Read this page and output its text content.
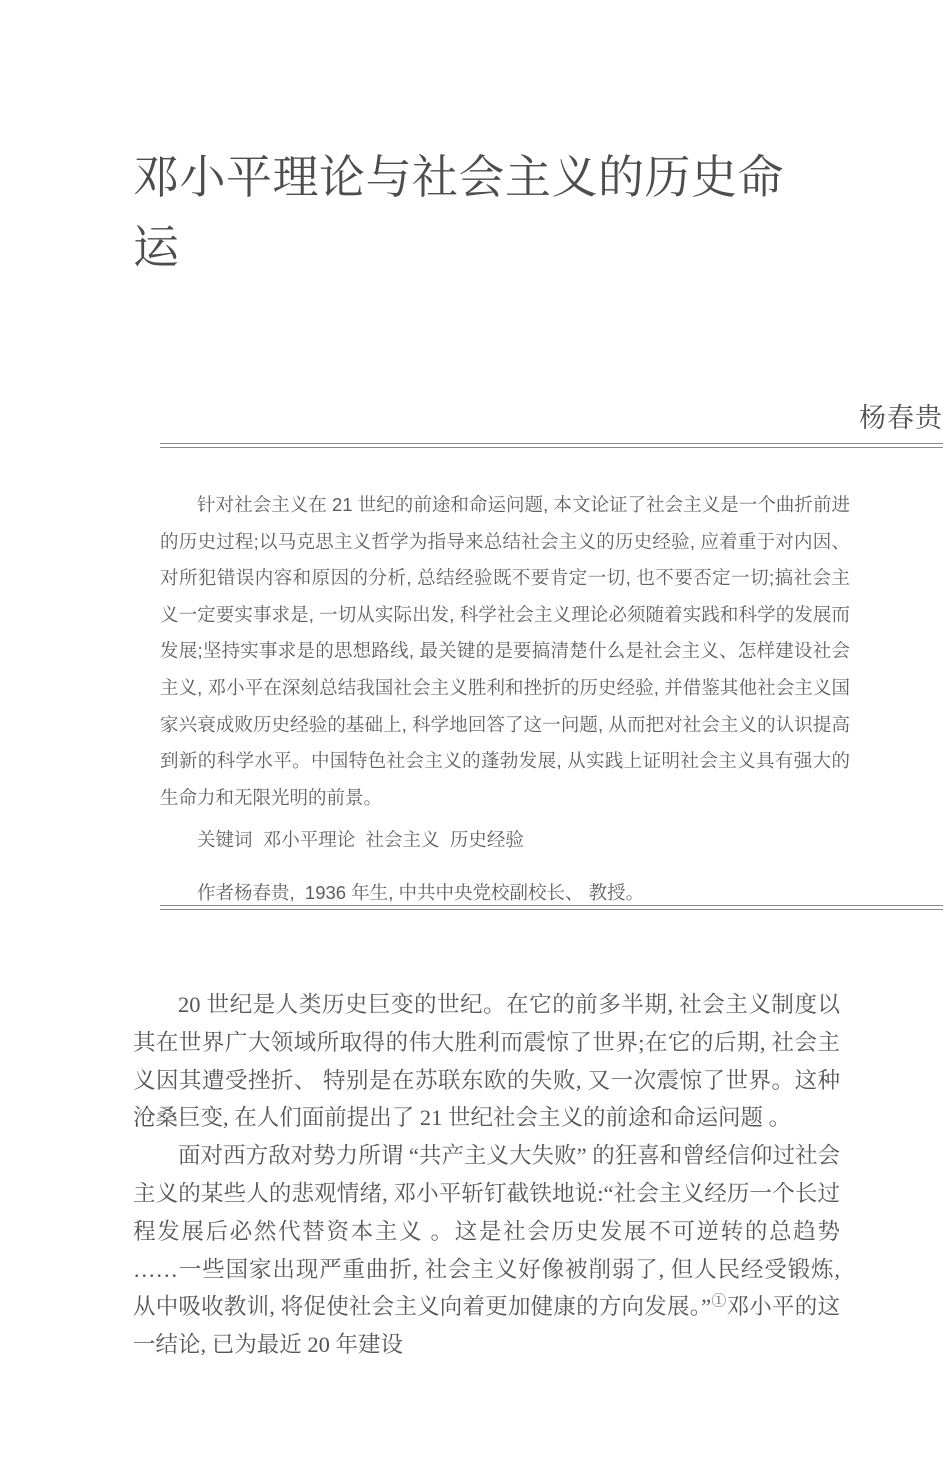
邓小平理论与社会主义的历史命运
杨春贵

针对社会主义在 21 世纪的前途和命运问题, 本文论证了社会主义是一个曲折前进的历史过程;以马克思主义哲学为指导来总结社会主义的历史经验, 应着重于对内因、 对所犯错误内容和原因的分析, 总结经验既不要肯定一切, 也不要否定一切;搞社会主义一定要实事求是, 一切从实际出发, 科学社会主义理论必须随着实践和科学的发展而发展;坚持实事求是的思想路线, 最关键的是要搞清楚什么是社会主义、怎样建设社会主义, 邓小平在深刻总结我国社会主义胜利和挫折的历史经验, 并借鉴其他社会主义国家兴衰成败历史经验的基础上, 科学地回答了这一问题, 从而把对社会主义的认识提高到新的科学水平。中国特色社会主义的蓬勃发展, 从实践上证明社会主义具有强大的生命力和无限光明的前景。

关键词  邓小平理论  社会主义  历史经验
作者杨春贵,  1936 年生, 中共中央党校副校长、 教授。

20 世纪是人类历史巨变的世纪。在它的前多半期, 社会主义制度以其在世界广大领域所取得的伟大胜利而震惊了世界;在它的后期, 社会主义因其遭受挫折、 特别是在苏联东欧的失败, 又一次震惊了世界。这种沧桑巨变, 在人们面前提出了 21 世纪社会主义的前途和命运问题 。

面对西方敌对势力所谓 “共产主义大失败” 的狂喜和曾经信仰过社会主义的某些人的悲观情绪, 邓小平斩钉截铁地说:“社会主义经历一个长过程发展后必然代替资本主义 。这是社会历史发展不可逆转的总趋势 ……一些国家出现严重曲折, 社会主义好像被削弱了, 但人民经受锻炼, 从中吸收教训, 将促使社会主义向着更加健康的方向发展。”①邓小平的这一结论, 已为最近 20 年建设
